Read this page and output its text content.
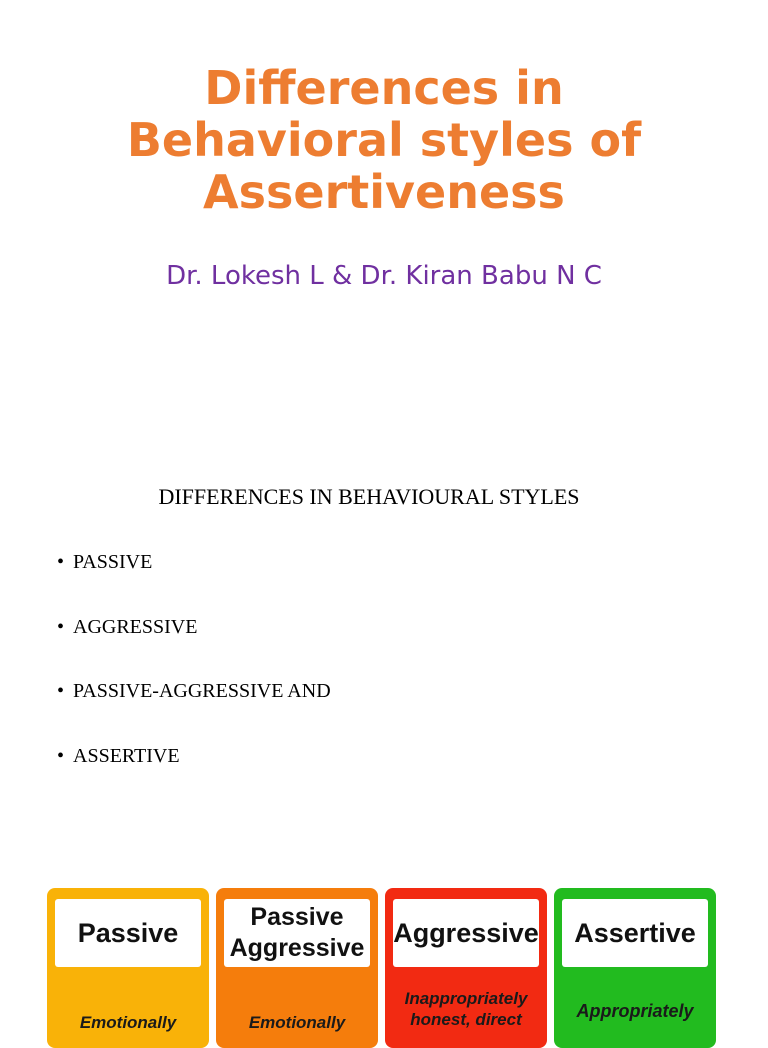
Differences in Behavioral styles of Assertiveness

Dr. Lokesh L & Dr. Kiran Babu N C

DIFFERENCES IN BEHAVIOURAL STYLES

• PASSIVE
• AGGRESSIVE
• PASSIVE-AGGRESSIVE AND
• ASSERTIVE
Passive
Emotionally
Passive Aggressive
Emotionally
Aggressive
Inappropriately honest, direct
Assertive
Appropriately
